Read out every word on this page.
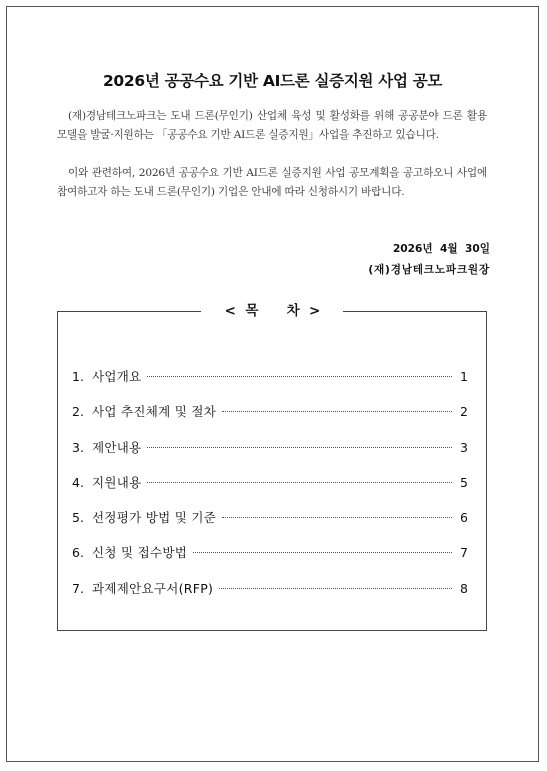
2026년 공공수요 기반 AI드론 실증지원 사업 공모
(재)경남테크노파크는 도내 드론(무인기) 산업체 육성 및 활성화를 위해 공공분야 드론 활용 모델을 발굴·지원하는 「공공수요 기반 AI드론 실증지원」사업을 추진하고 있습니다.
이와 관련하여, 2026년 공공수요 기반 AI드론 실증지원 사업 공모계획을 공고하오니 사업에 참여하고자 하는 도내 드론(무인기) 기업은 안내에 따라 신청하시기 바랍니다.
2026년  4월  30일
(재)경남테크노파크원장
<  목      차  >
1. 사업개요	1
2. 사업 추진체계 및 절차	2
3. 제안내용	3
4. 지원내용	5
5. 선정평가 방법 및 기준	6
6. 신청 및 접수방법	7
7. 과제제안요구서(RFP)	8
